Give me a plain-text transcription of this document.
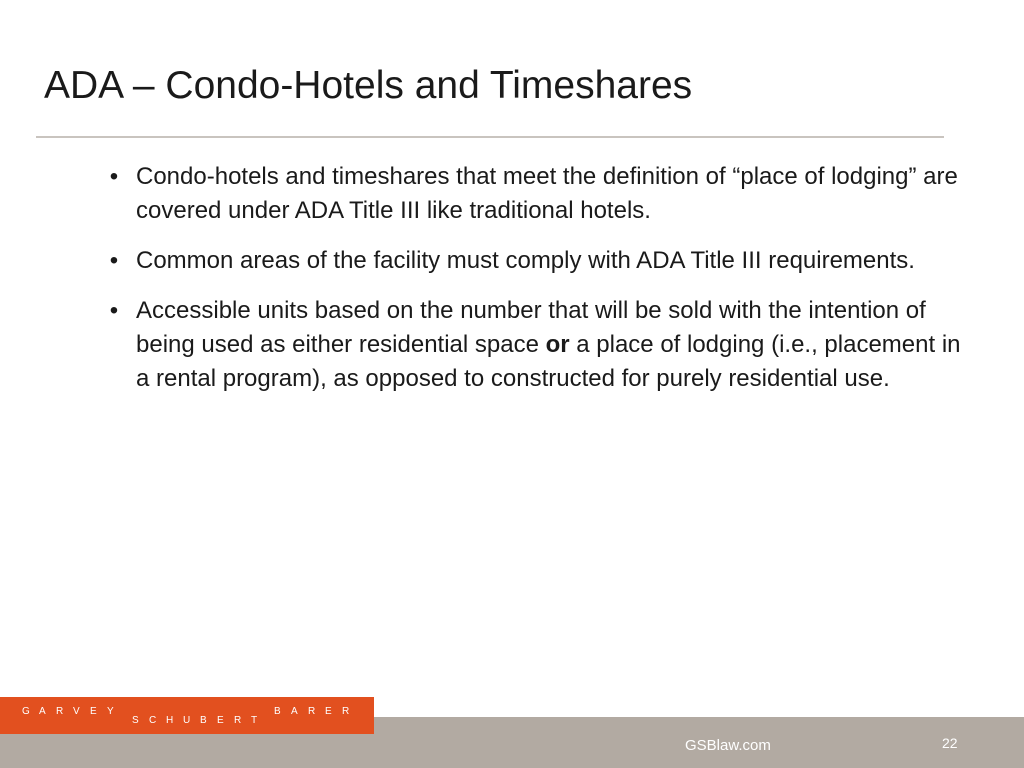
ADA – Condo-Hotels and Timeshares
• Condo-hotels and timeshares that meet the definition of “place of lodging” are covered under ADA Title III like traditional hotels.
• Common areas of the facility must comply with ADA Title III requirements.
• Accessible units based on the number that will be sold with the intention of being used as either residential space or a place of lodging (i.e., placement in a rental program), as opposed to constructed for purely residential use.
G A R V E Y
S C H U B E R T
B A R E R
GSBlaw.com	22
